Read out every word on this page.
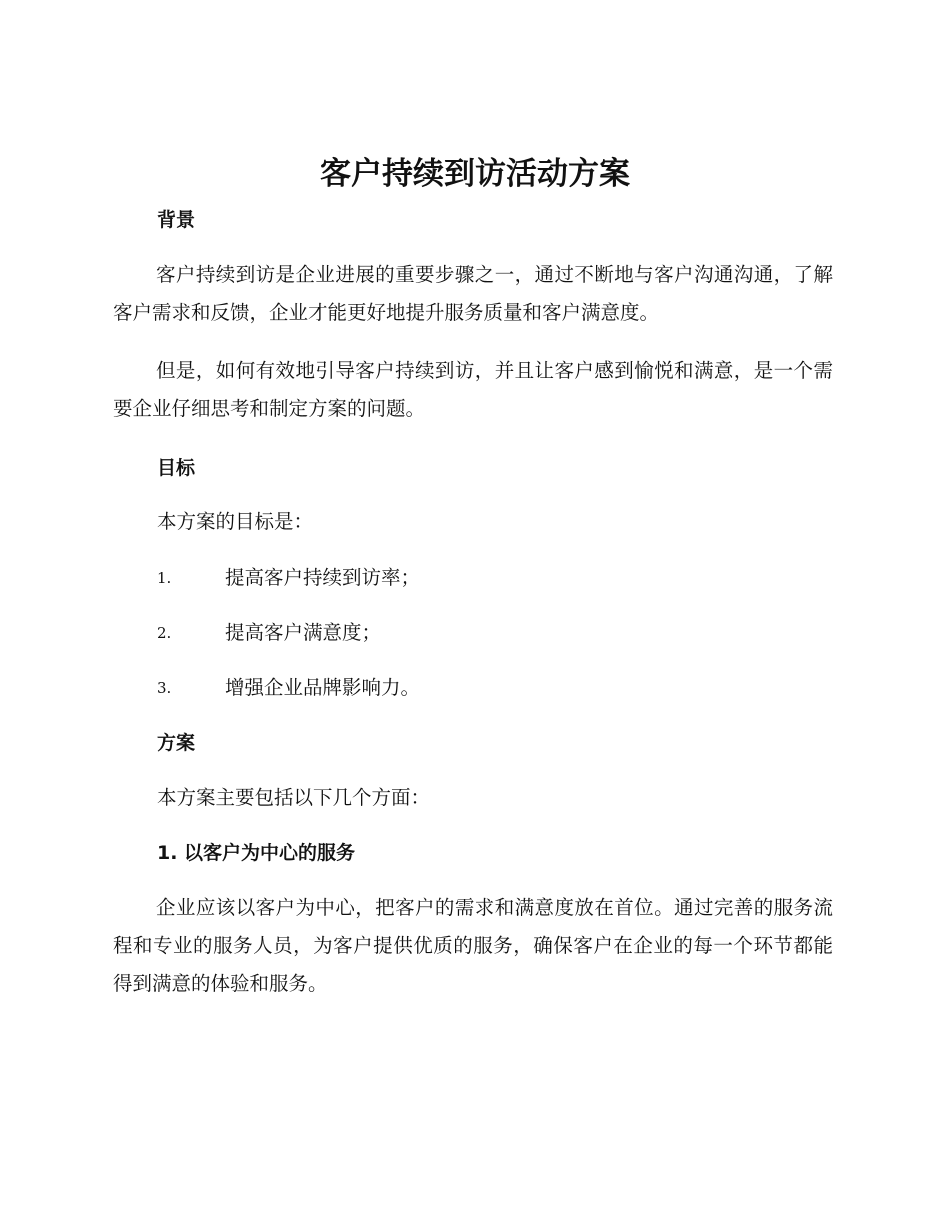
客户持续到访活动方案
背景

客户持续到访是企业进展的重要步骤之一，通过不断地与客户沟通沟通，了解客户需求和反馈，企业才能更好地提升服务质量和客户满意度。

但是，如何有效地引导客户持续到访，并且让客户感到愉悦和满意，是一个需要企业仔细思考和制定方案的问题。

目标

本方案的目标是：

1.	提高客户持续到访率；
2.	提高客户满意度；
3.	增强企业品牌影响力。
方案

本方案主要包括以下几个方面：

1. 以客户为中心的服务

企业应该以客户为中心，把客户的需求和满意度放在首位。通过完善的服务流程和专业的服务人员，为客户提供优质的服务，确保客户在企业的每一个环节都能得到满意的体验和服务。
